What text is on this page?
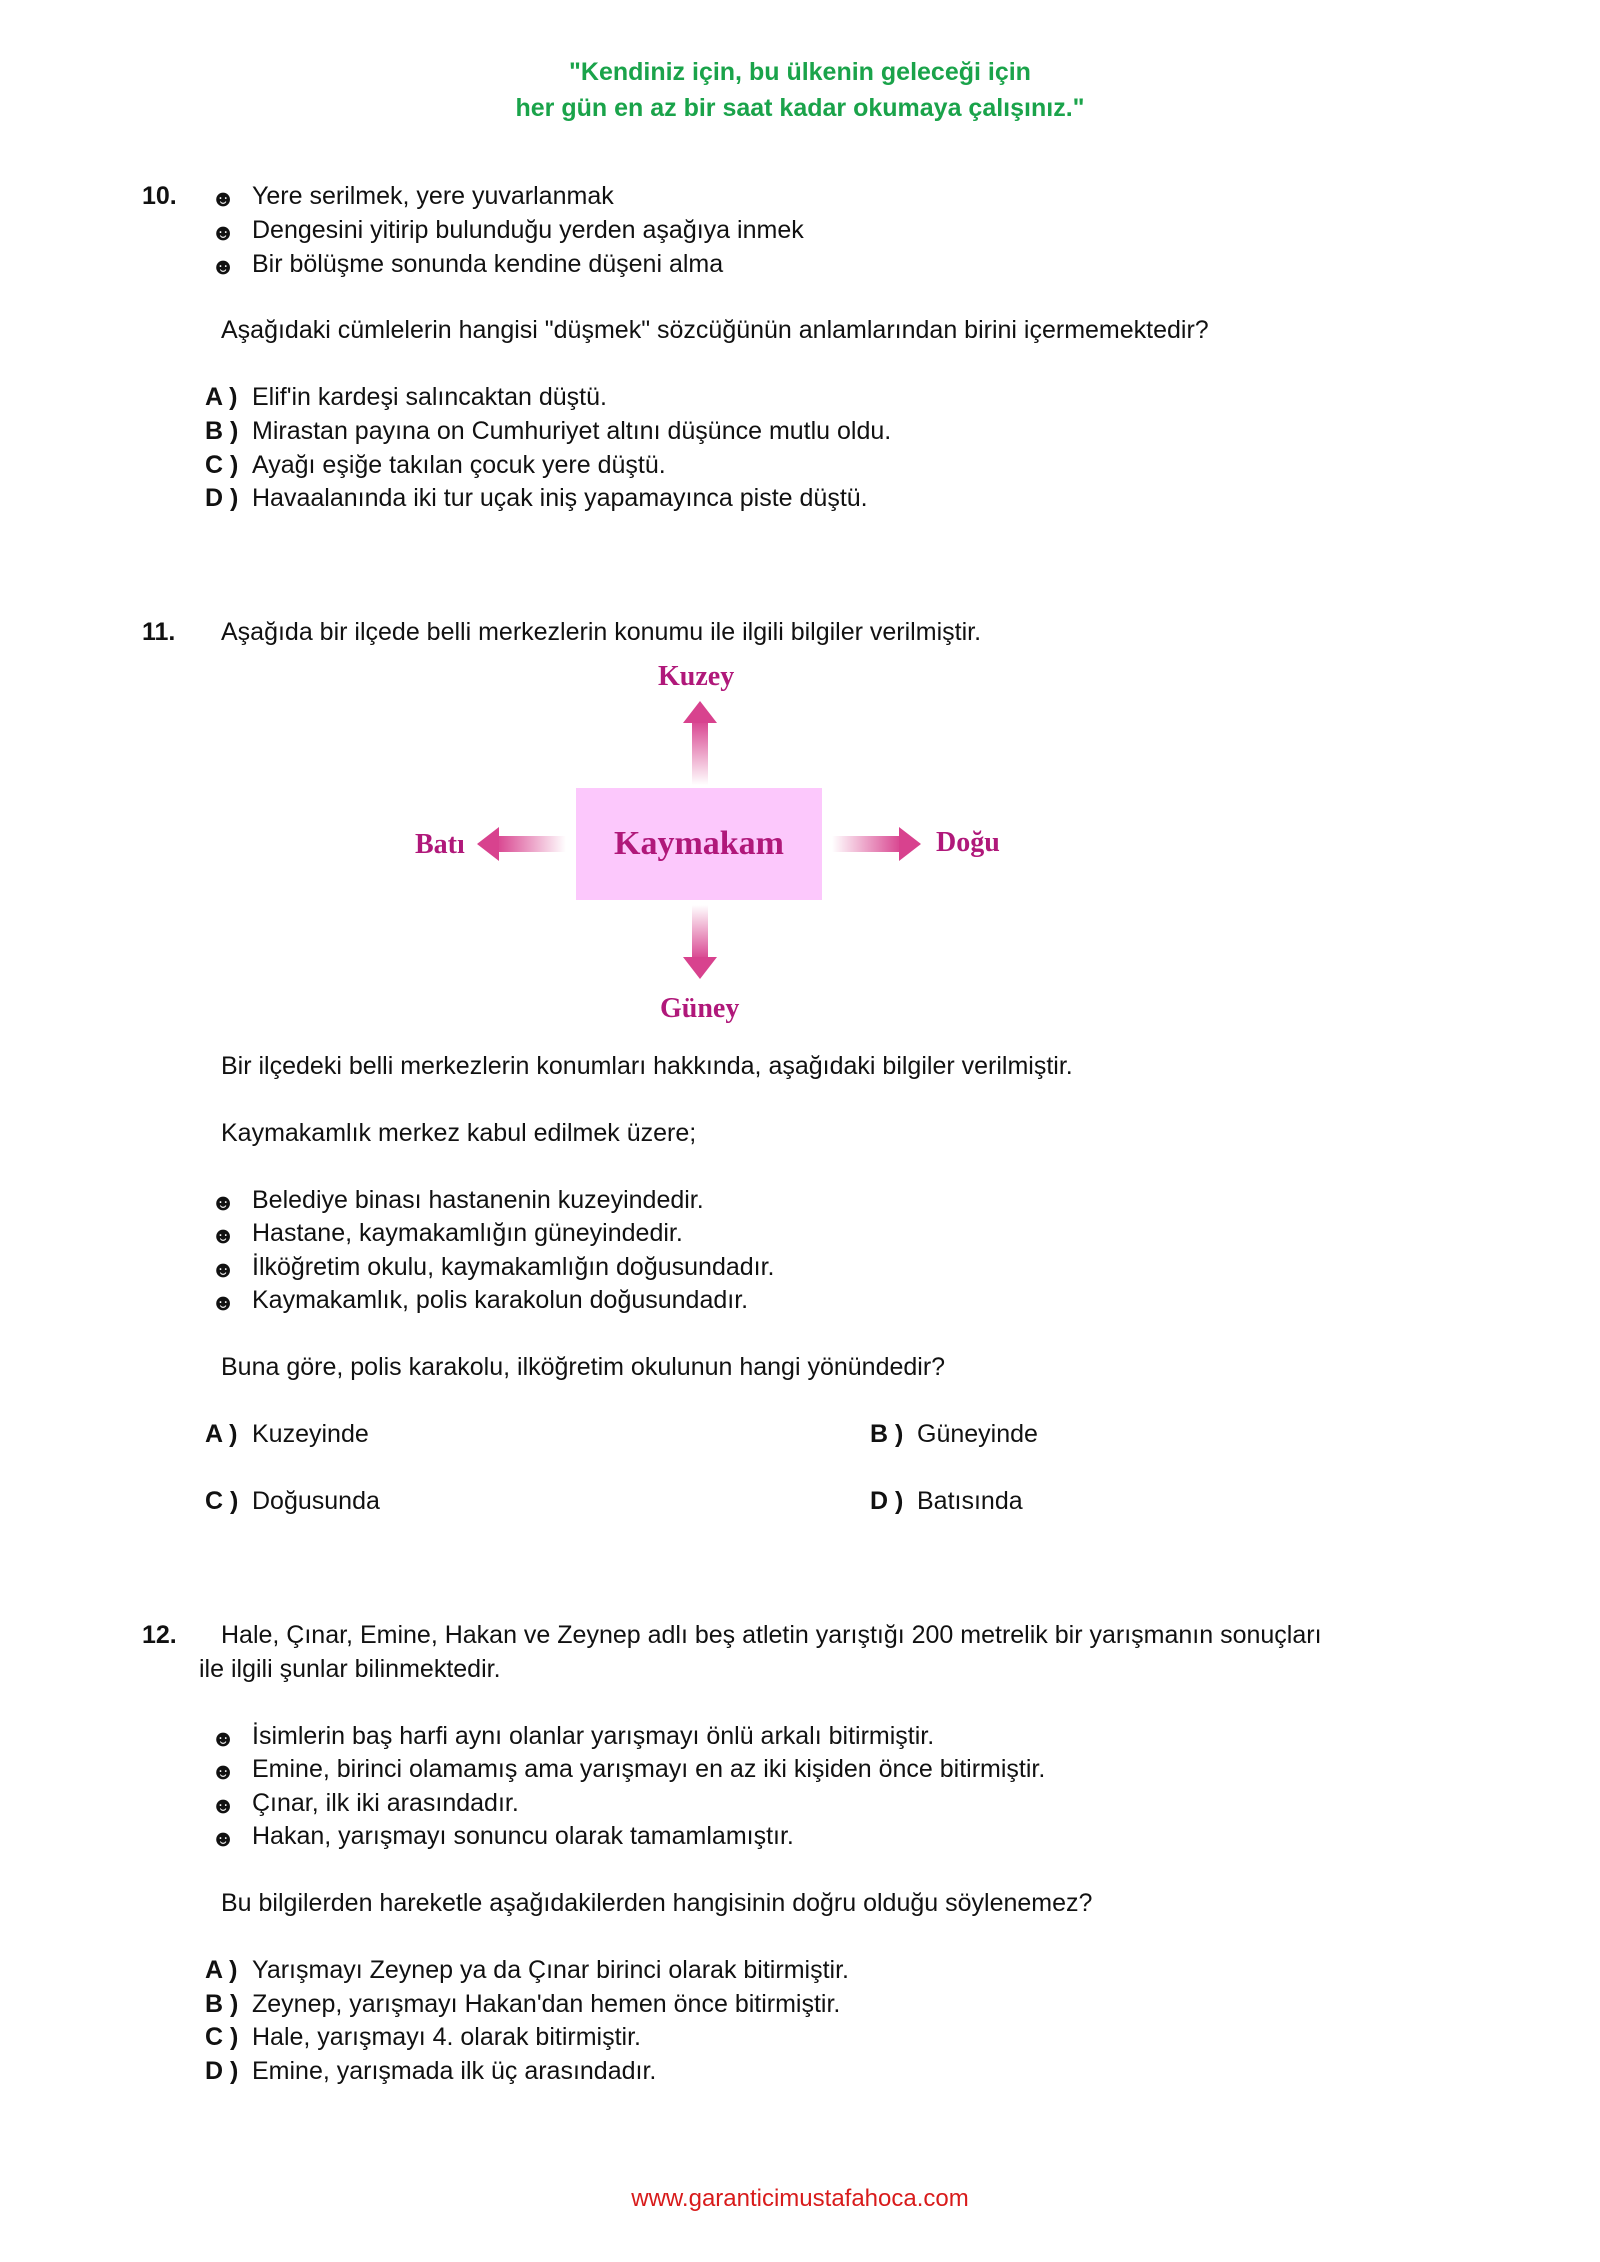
"Kendiniz için, bu ülkenin geleceği için
her gün en az bir saat kadar okumaya çalışınız."
10. ☻ Yere serilmek, yere yuvarlanmak
☻ Dengesini yitirip bulunduğu yerden aşağıya inmek
☻ Bir bölüşme sonunda kendine düşeni alma
Aşağıdaki cümlelerin hangisi "düşmek" sözcüğünün anlamlarından birini içermemektedir?
A ) Elif'in kardeşi salıncaktan düştü.
B ) Mirastan payına on Cumhuriyet altını düşünce mutlu oldu.
C ) Ayağı eşiğe takılan çocuk yere düştü.
D ) Havaalanında iki tur uçak iniş yapamayınca piste düştü.
11. Aşağıda bir ilçede belli merkezlerin konumu ile ilgili bilgiler verilmiştir.
Kaymakam
Kuzey
Güney
Doğu
Batı
Bir ilçedeki belli merkezlerin konumları hakkında, aşağıdaki bilgiler verilmiştir.
Kaymakamlık merkez kabul edilmek üzere;
☻ Belediye binası hastanenin kuzeyindedir.
☻ Hastane, kaymakamlığın güneyindedir.
☻ İlköğretim okulu, kaymakamlığın doğusundadır.
☻ Kaymakamlık, polis karakolun doğusundadır.
Buna göre, polis karakolu, ilköğretim okulunun hangi yönündedir?
A ) Kuzeyinde	B ) Güneyinde
C ) Doğusunda	D ) Batısında
12. Hale, Çınar, Emine, Hakan ve Zeynep adlı beş atletin yarıştığı 200 metrelik bir yarışmanın sonuçları
ile ilgili şunlar bilinmektedir.
☻ İsimlerin baş harfi aynı olanlar yarışmayı önlü arkalı bitirmiştir.
☻ Emine, birinci olamamış ama yarışmayı en az iki kişiden önce bitirmiştir.
☻ Çınar, ilk iki arasındadır.
☻ Hakan, yarışmayı sonuncu olarak tamamlamıştır.
Bu bilgilerden hareketle aşağıdakilerden hangisinin doğru olduğu söylenemez?
A ) Yarışmayı Zeynep ya da Çınar birinci olarak bitirmiştir.
B ) Zeynep, yarışmayı Hakan'dan hemen önce bitirmiştir.
C ) Hale, yarışmayı 4. olarak bitirmiştir.
D ) Emine, yarışmada ilk üç arasındadır.
www.garanticimustafahoca.com
